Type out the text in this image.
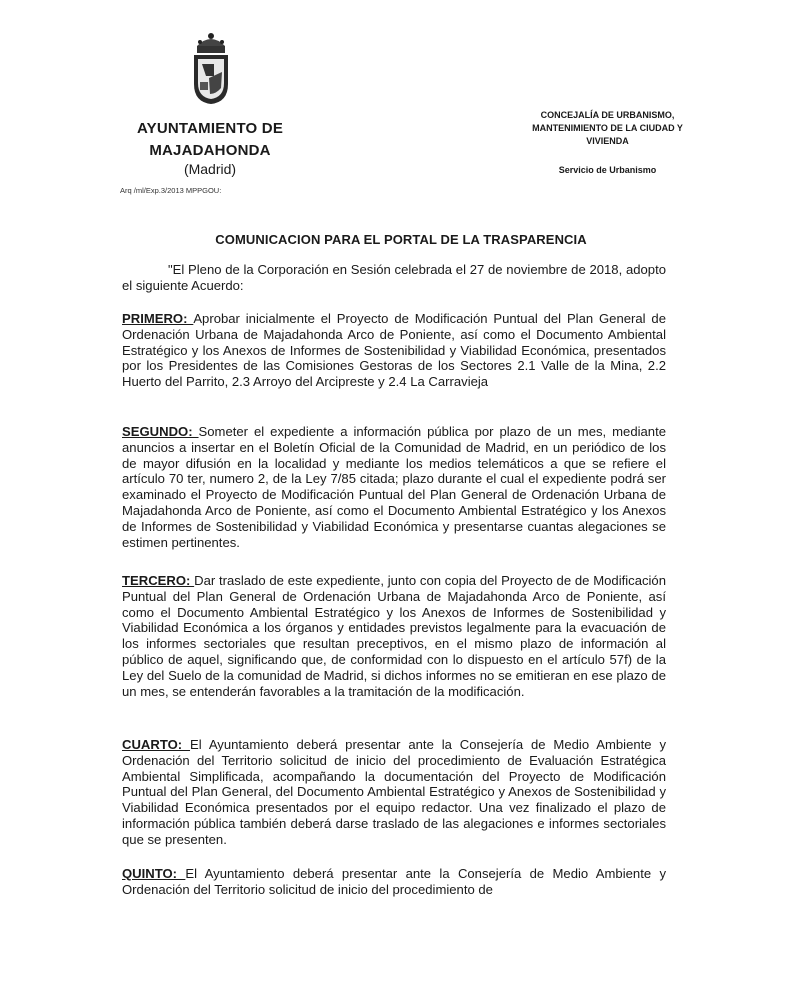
AYUNTAMIENTO DE
MAJADAHONDA
(Madrid)
Arq /ml/Exp.3/2013 MPPGOU:
CONCEJALÍA DE URBANISMO,
MANTENIMIENTO DE LA CIUDAD Y
VIVIENDA
Servicio de Urbanismo
COMUNICACION PARA EL PORTAL DE LA TRASPARENCIA
"El Pleno de la Corporación en Sesión celebrada el 27 de noviembre de 2018, adopto el siguiente Acuerdo:
PRIMERO: Aprobar inicialmente el Proyecto de Modificación Puntual del Plan General de Ordenación Urbana de Majadahonda Arco de Poniente, así como el Documento Ambiental Estratégico y los Anexos de Informes de Sostenibilidad y Viabilidad Económica, presentados por los Presidentes de las Comisiones Gestoras de los Sectores 2.1 Valle de la Mina, 2.2 Huerto del Parrito, 2.3 Arroyo del Arcipreste y 2.4 La Carravieja
SEGUNDO: Someter el expediente a información pública por plazo de un mes, mediante anuncios a insertar en el Boletín Oficial de la Comunidad de Madrid, en un periódico de los de mayor difusión en la localidad y mediante los medios telemáticos a que se refiere el artículo 70 ter, numero 2, de la Ley 7/85 citada; plazo durante el cual el expediente podrá ser examinado el Proyecto de Modificación Puntual del Plan General de Ordenación Urbana de Majadahonda Arco de Poniente, así como el Documento Ambiental Estratégico y los Anexos de Informes de Sostenibilidad y Viabilidad Económica y presentarse cuantas alegaciones se estimen pertinentes.
TERCERO: Dar traslado de este expediente, junto con copia del Proyecto de de Modificación Puntual del Plan General de Ordenación Urbana de Majadahonda Arco de Poniente, así como el Documento Ambiental Estratégico y los Anexos de Informes de Sostenibilidad y Viabilidad Económica a los órganos y entidades previstos legalmente para la evacuación de los informes sectoriales que resultan preceptivos, en el mismo plazo de información al público de aquel, significando que, de conformidad con lo dispuesto en el artículo 57f) de la Ley del Suelo de la comunidad de Madrid, si dichos informes no se emitieran en ese plazo de un mes, se entenderán favorables a la tramitación de la modificación.
CUARTO: El Ayuntamiento deberá presentar ante la Consejería de Medio Ambiente y Ordenación del Territorio solicitud de inicio del procedimiento de Evaluación Estratégica Ambiental Simplificada, acompañando la documentación del Proyecto de Modificación Puntual del Plan General, del Documento Ambiental Estratégico y Anexos de Sostenibilidad y Viabilidad Económica presentados por el equipo redactor. Una vez finalizado el plazo de información pública también deberá darse traslado de las alegaciones e informes sectoriales que se presenten.
QUINTO: El Ayuntamiento deberá presentar ante la Consejería de Medio Ambiente y Ordenación del Territorio solicitud de inicio del procedimiento de
